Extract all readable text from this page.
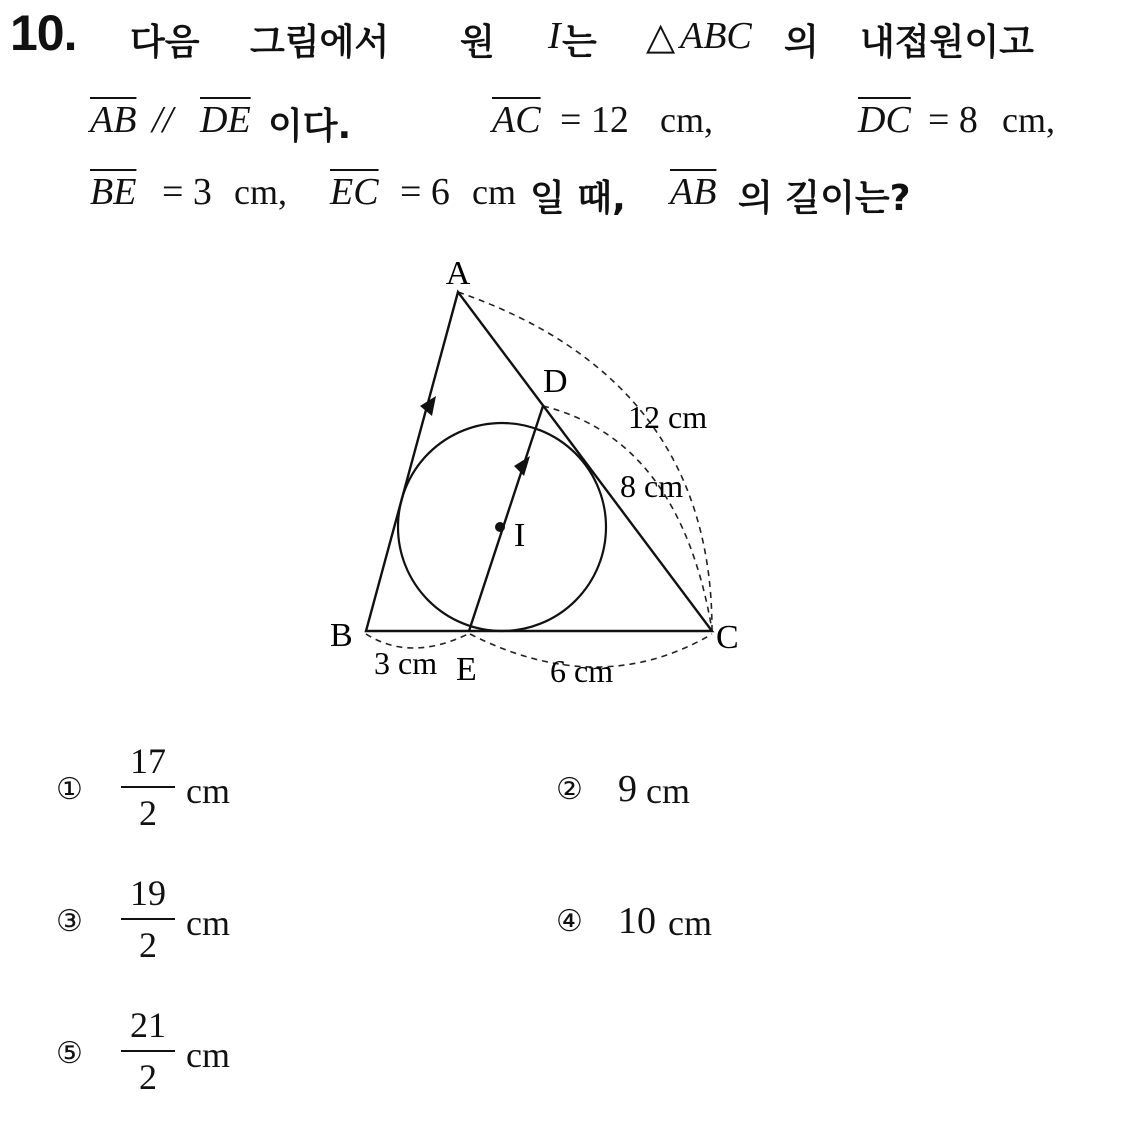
10. 다음 그림에서 원 I 는 △ ABC 의 내접원이고
$\overline{AB} // \overline{DE}$ 이다.	$\overline{AC} = 12$ cm,	$\overline{DC} = 8$ cm,
$\overline{BE} = 3$ cm, $\overline{EC} = 6$ cm 일 때, $\overline{AB}$ 의 길이는?
A
B	C
D
E
I
12 cm
8 cm
3 cm	6 cm
①
17
2
cm	② 9 cm
③
19
2
cm	④ 10 cm
⑤
21
2
cm
